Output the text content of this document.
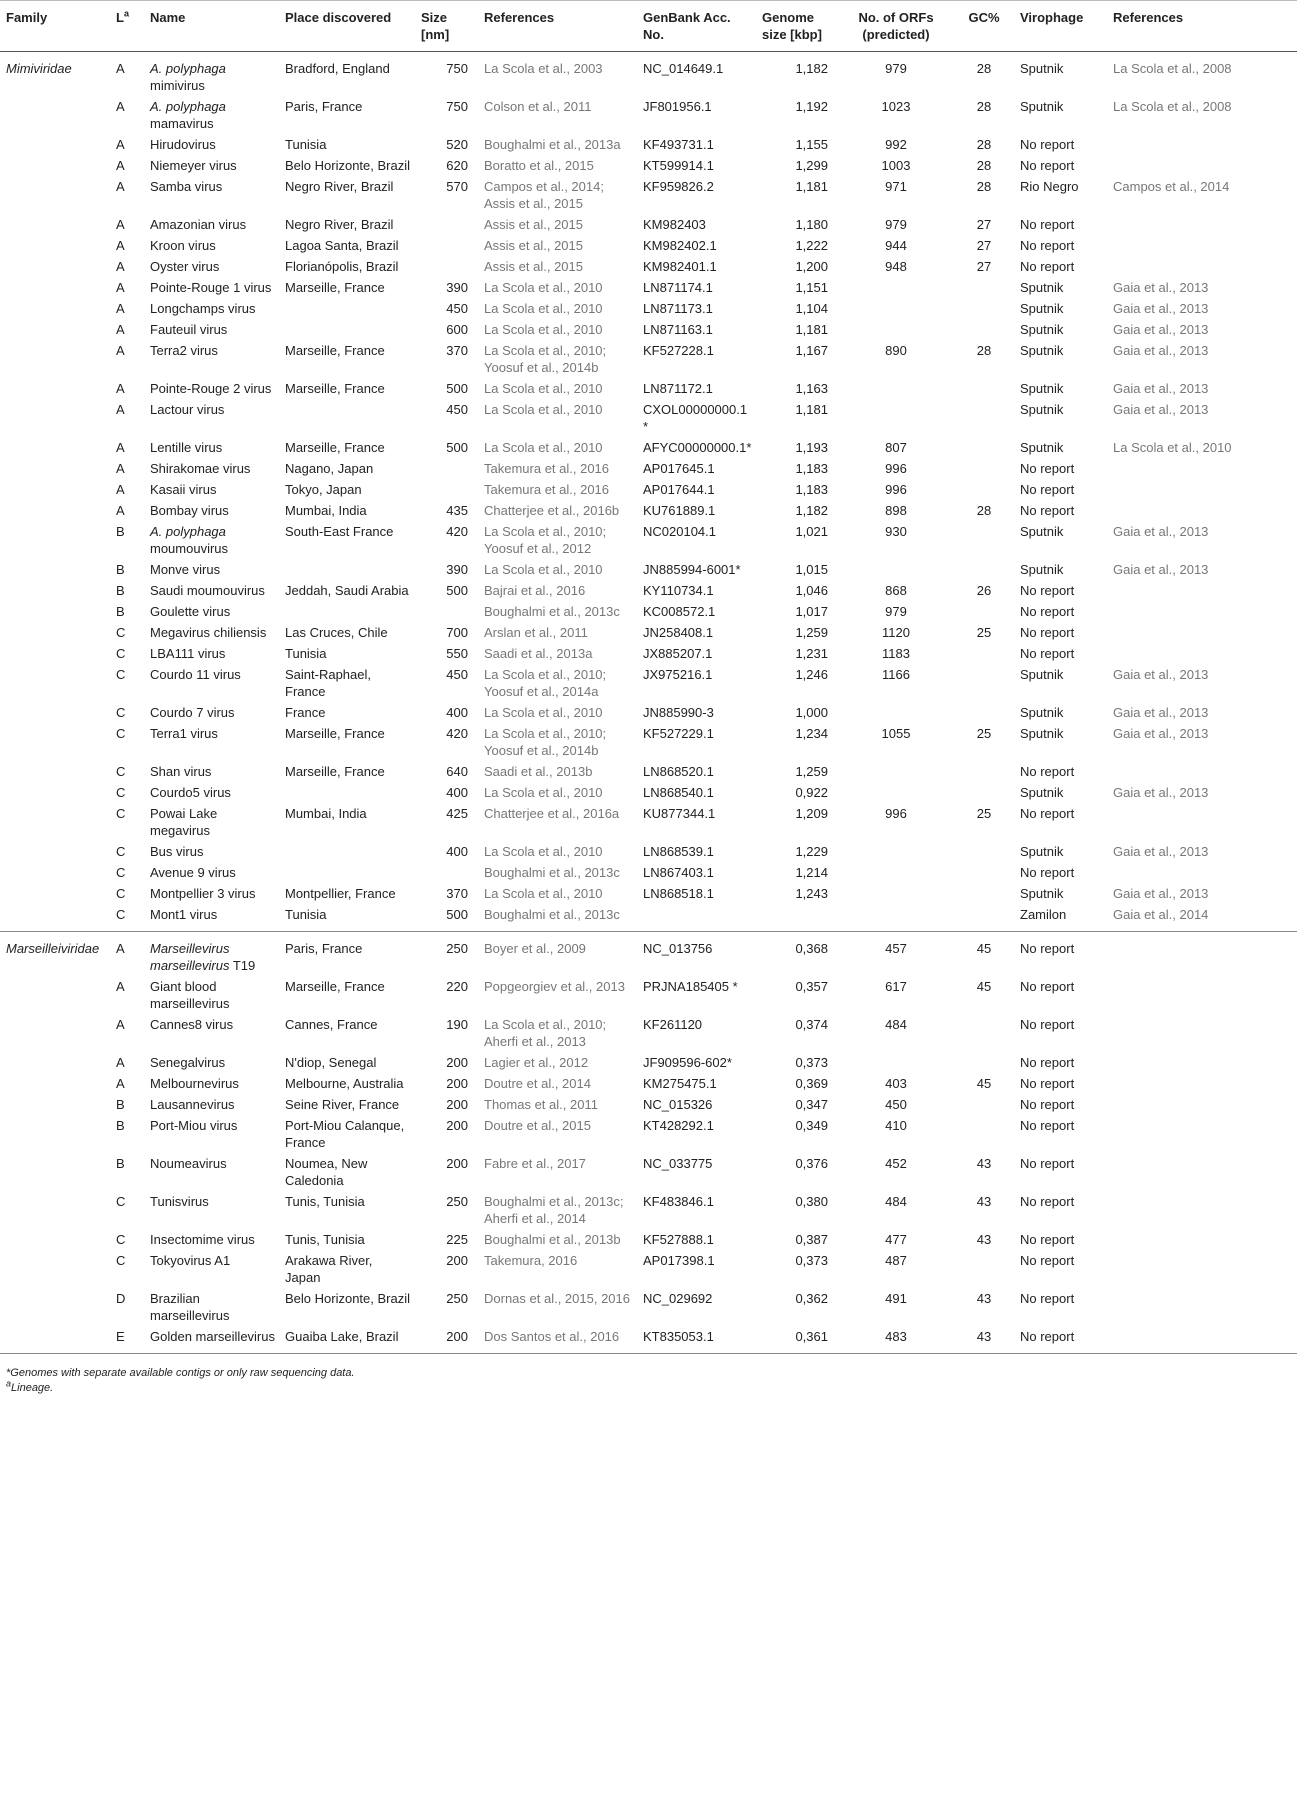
Family	$L^a$	Name	Place discovered	Size [nm]	References	GenBank Acc. No.	Genome size [kbp]	No. of ORFs (predicted)	GC%	Virophage	References
Mimiviridae	A	A. polyphaga mimivirus	Bradford, England	750	La Scola et al., 2003	NC_014649.1	1,182	979	28	Sputnik	La Scola et al., 2008
	A	A. polyphaga mamavirus	Paris, France	750	Colson et al., 2011	JF801956.1	1,192	1023	28	Sputnik	La Scola et al., 2008
	A	Hirudovirus	Tunisia	520	Boughalmi et al., 2013a	KF493731.1	1,155	992	28	No report	
	A	Niemeyer virus	Belo Horizonte, Brazil	620	Boratto et al., 2015	KT599914.1	1,299	1003	28	No report	
	A	Samba virus	Negro River, Brazil	570	Campos et al., 2014; Assis et al., 2015	KF959826.2	1,181	971	28	Rio Negro	Campos et al., 2014
	A	Amazonian virus	Negro River, Brazil		Assis et al., 2015	KM982403	1,180	979	27	No report	
	A	Kroon virus	Lagoa Santa, Brazil		Assis et al., 2015	KM982402.1	1,222	944	27	No report	
	A	Oyster virus	Florianópolis, Brazil		Assis et al., 2015	KM982401.1	1,200	948	27	No report	
	A	Pointe-Rouge 1 virus	Marseille, France	390	La Scola et al., 2010	LN871174.1	1,151			Sputnik	Gaia et al., 2013
	A	Longchamps virus		450	La Scola et al., 2010	LN871173.1	1,104			Sputnik	Gaia et al., 2013
	A	Fauteuil virus		600	La Scola et al., 2010	LN871163.1	1,181			Sputnik	Gaia et al., 2013
	A	Terra2 virus	Marseille, France	370	La Scola et al., 2010; Yoosuf et al., 2014b	KF527228.1	1,167	890	28	Sputnik	Gaia et al., 2013
	A	Pointe-Rouge 2 virus	Marseille, France	500	La Scola et al., 2010	LN871172.1	1,163			Sputnik	Gaia et al., 2013
	A	Lactour virus		450	La Scola et al., 2010	CXOL00000000.1*	1,181			Sputnik	Gaia et al., 2013
	A	Lentille virus	Marseille, France	500	La Scola et al., 2010	AFYC00000000.1*	1,193	807		Sputnik	La Scola et al., 2010
	A	Shirakomae virus	Nagano, Japan		Takemura et al., 2016	AP017645.1	1,183	996		No report	
	A	Kasaii virus	Tokyo, Japan		Takemura et al., 2016	AP017644.1	1,183	996		No report	
	A	Bombay virus	Mumbai, India	435	Chatterjee et al., 2016b	KU761889.1	1,182	898	28	No report	
	B	A. polyphaga moumouvirus	South-East France	420	La Scola et al., 2010; Yoosuf et al., 2012	NC020104.1	1,021	930		Sputnik	Gaia et al., 2013
	B	Monve virus		390	La Scola et al., 2010	JN885994-6001*	1,015			Sputnik	Gaia et al., 2013
	B	Saudi moumouvirus	Jeddah, Saudi Arabia	500	Bajrai et al., 2016	KY110734.1	1,046	868	26	No report	
	B	Goulette virus			Boughalmi et al., 2013c	KC008572.1	1,017	979		No report	
	C	Megavirus chiliensis	Las Cruces, Chile	700	Arslan et al., 2011	JN258408.1	1,259	1120	25	No report	
	C	LBA111 virus	Tunisia	550	Saadi et al., 2013a	JX885207.1	1,231	1183		No report	
	C	Courdo 11 virus	Saint-Raphael, France	450	La Scola et al., 2010; Yoosuf et al., 2014a	JX975216.1	1,246	1166		Sputnik	Gaia et al., 2013
	C	Courdo 7 virus	France	400	La Scola et al., 2010	JN885990-3	1,000			Sputnik	Gaia et al., 2013
	C	Terra1 virus	Marseille, France	420	La Scola et al., 2010; Yoosuf et al., 2014b	KF527229.1	1,234	1055	25	Sputnik	Gaia et al., 2013
	C	Shan virus	Marseille, France	640	Saadi et al., 2013b	LN868520.1	1,259			No report	
	C	Courdo5 virus		400	La Scola et al., 2010	LN868540.1	0,922			Sputnik	Gaia et al., 2013
	C	Powai Lake megavirus	Mumbai, India	425	Chatterjee et al., 2016a	KU877344.1	1,209	996	25	No report	
	C	Bus virus		400	La Scola et al., 2010	LN868539.1	1,229			Sputnik	Gaia et al., 2013
	C	Avenue 9 virus			Boughalmi et al., 2013c	LN867403.1	1,214			No report	
	C	Montpellier 3 virus	Montpellier, France	370	La Scola et al., 2010	LN868518.1	1,243			Sputnik	Gaia et al., 2013
	C	Mont1 virus	Tunisia	500	Boughalmi et al., 2013c					Zamilon	Gaia et al., 2014
Marseilleiviridae	A	Marseillevirus marseillevirus T19	Paris, France	250	Boyer et al., 2009	NC_013756	0,368	457	45	No report	
	A	Giant blood marseillevirus	Marseille, France	220	Popgeorgiev et al., 2013	PRJNA185405 *	0,357	617	45	No report	
	A	Cannes8 virus	Cannes, France	190	La Scola et al., 2010; Aherfi et al., 2013	KF261120	0,374	484		No report	
	A	Senegalvirus	N'diop, Senegal	200	Lagier et al., 2012	JF909596-602*	0,373			No report	
	A	Melbournevirus	Melbourne, Australia	200	Doutre et al., 2014	KM275475.1	0,369	403	45	No report	
	B	Lausannevirus	Seine River, France	200	Thomas et al., 2011	NC_015326	0,347	450		No report	
	B	Port-Miou virus	Port-Miou Calanque, France	200	Doutre et al., 2015	KT428292.1	0,349	410		No report	
	B	Noumeavirus	Noumea, New Caledonia	200	Fabre et al., 2017	NC_033775	0,376	452	43	No report	
	C	Tunisvirus	Tunis, Tunisia	250	Boughalmi et al., 2013c; Aherfi et al., 2014	KF483846.1	0,380	484	43	No report	
	C	Insectomime virus	Tunis, Tunisia	225	Boughalmi et al., 2013b	KF527888.1	0,387	477	43	No report	
	C	Tokyovirus A1	Arakawa River, Japan	200	Takemura, 2016	AP017398.1	0,373	487		No report	
	D	Brazilian marseillevirus	Belo Horizonte, Brazil	250	Dornas et al., 2015, 2016	NC_029692	0,362	491	43	No report	
	E	Golden marseillevirus	Guaiba Lake, Brazil	200	Dos Santos et al., 2016	KT835053.1	0,361	483	43	No report	
*Genomes with separate available contigs or only raw sequencing data.
$^a$Lineage.
